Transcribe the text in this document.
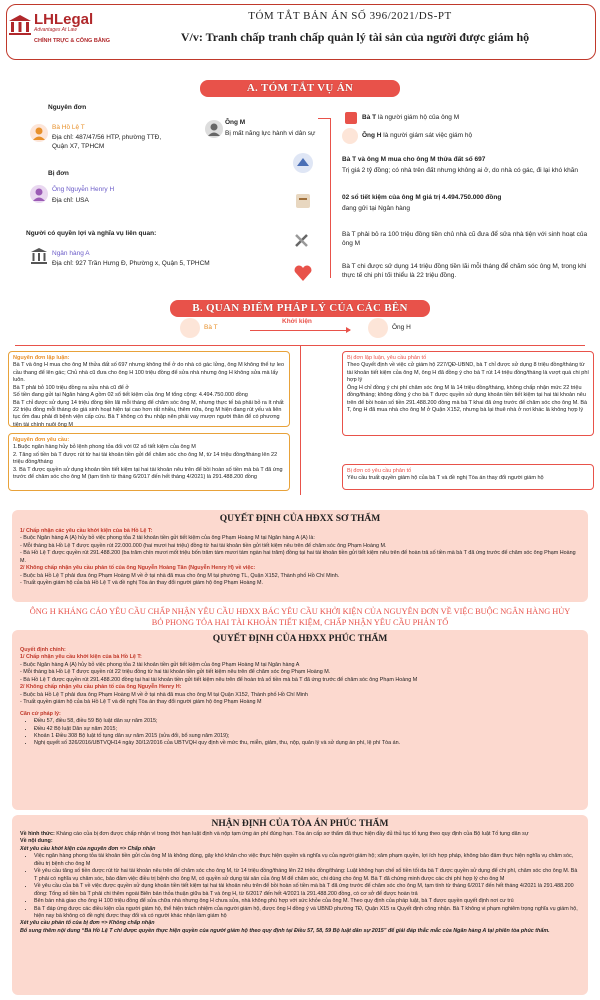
LHLegal
Advantages At Law
CHÍNH TRỰC & CÔNG BẰNG
TÓM TẮT BẢN ÁN SỐ 396/2021/DS-PT
V/v: Tranh chấp tranh chấp quản lý tài sản của người được giám hộ
A. TÓM TẮT VỤ ÁN
Nguyên đơn
Bà Hồ Lệ T
Địa chỉ: 487/47/56 HTP, phường TTĐ, Quận X7, TPHCM
Bị đơn
Ông Nguyễn Henry H
Địa chỉ: USA
Người có quyền lợi và nghĩa vụ liên quan:
Ngân hàng A
Địa chỉ: 927 Trần Hưng Đ, Phường x, Quận 5, TPHCM
Ông M
Bị mất năng lực hành vi dân sự
Bà T là người giám hộ của ông M
Ông H là người giám sát việc giám hộ
Bà T và ông M mua cho ông M thửa đất số 697
Trị giá 2 tỷ đồng; có nhà trên đất nhưng không ai ở, do nhà có gác, đi lại khó khăn
02 sổ tiết kiệm của ông M giá trị 4.494.750.000 đồng
đang gửi tại Ngân hàng
Bà T phải bỏ ra 100 triệu đồng tiền chủ nhà cũ đưa để sửa nhà tiện với sinh hoạt của ông M
Bà T chi được sử dụng 14 triệu đồng tiền lãi mỗi tháng để chăm sóc ông M, trong khi thực tế chi phí tối thiểu là 22 triệu đồng.
B. QUAN ĐIỂM PHÁP LÝ CỦA CÁC BÊN
Bà T
Khởi kiện
Ông H
Nguyên đơn lập luận:
Bà T và ông H mua cho ông M thửa đất số 697 nhưng không thể ở do nhà có gác lửng, ông M không thể tự leo cầu thang để lên gác; Chủ nhà cũ đưa cho ông H 100 triệu đồng để sửa nhà nhưng ông H không sửa mà lấy luôn.
Bà T phải bỏ 100 triệu đồng ra sửa nhà cũ để ở
Số tiền đang gửi tại Ngân hàng A gồm 02 sổ tiết kiệm của ông M tổng cộng: 4.494.750.000 đồng
Bà T chỉ được sử dụng 14 triệu đồng tiền lãi mỗi tháng để chăm sóc ông M, nhưng thực tế bà phải bỏ ra ít nhất 22 triệu đồng mỗi tháng do giá sinh hoạt hiện tại cao hơn rất nhiều, thêm nữa, ông M hiện đang rút yếu và liên tục ốm đau phải đi bệnh viện cấp cứu. Bà T không có thu nhập nên phải vay mượn người thân để có phương tiện tài chính nuôi ông M
Nguyên đơn yêu cầu:
1.Buộc ngân hàng hủy bỏ lệnh phong tỏa đối với 02 sổ tiết kiệm của ông M
2. Tăng số tiền bà T được rút từ hai tài khoản tiền gửi để chăm sóc cho ông M, từ 14 triệu đồng/tháng lên 22 triệu đồng/tháng
3. Bà T được quyền sử dụng khoản tiền tiết kiệm tại hai tài khoản nêu trên để bồi hoàn số tiền mà bà T đã ứng trước để chăm sóc cho ông M (tạm tính từ tháng 6/2017 đến hết tháng 4/2021) là 291.488.200 đồng
Bị đơn lập luận, yêu cầu phản tố
Theo Quyết định về việc cử giám hộ 227/QĐ-UBND, bà T chỉ được sử dụng 8 triệu đồng/tháng từ tài khoản tiết kiệm của ông M, ông H đã đồng ý cho bà T rút 14 triệu đồng/tháng là vượt quá chi phí hợp lý
Ông H chỉ đồng ý chi phí chăm sóc ông M là 14 triệu đồng/tháng, không chấp nhận mức 22 triệu đồng/tháng; không đồng ý cho bà T được quyền sử dụng khoản tiền tiết kiệm tại hai tài khoản nêu trên để bồi hoàn số tiền 291.488.200 đồng mà bà T khai đã ứng trước để chăm sóc cho ông M. Bà T, ông H đã mua nhà cho ông M ở Quận X152, nhưng bà lại thuê nhà ở nơi khác là không hợp lý
Bị đơn có yêu cầu phản tố
Yêu cầu truất quyền giám hộ của bà T và đề nghị Tòa án thay đổi người giám hộ
QUYẾT ĐỊNH CỦA HĐXX SƠ THẨM
1/ Chấp nhận các yêu cầu khởi kiện của bà Hồ Lệ T:
- Buộc Ngân hàng A (A) hủy bỏ việc phong tỏa 2 tài khoản tiền gửi tiết kiệm của ông Phạm Hoàng M tại Ngân hàng A (A) là:
- Mỗi tháng bà Hồ Lệ T được quyền rút 22.000.000 (hai mươi hai triệu) đồng từ hai tài khoản tiền gửi tiết kiệm nêu trên để chăm sóc ông Phạm Hoàng M.
- Bà Hồ Lệ T được quyền rút 291.488.200 (ba trăm chín mươi mốt triệu bốn trăm tám mươi tám ngàn hai trăm) đồng tại hai tài khoản tiền gửi tiết kiệm nêu trên để hoàn trả số tiền mà bà T đã ứng trước để chăm sóc ông Phạm Hoàng M.
2/ Không chấp nhận yêu cầu phản tố của ông Nguyễn Hoàng Tân (Nguyễn Henry H) về việc:
- Buộc bà Hồ Lệ T phải đưa ông Phạm Hoàng M về ở tại nhà đã mua cho ông M tại phường TL, Quận X152, Thành phố Hồ Chí Minh.
- Truất quyền giám hộ của bà Hồ Lệ T và đề nghị Tòa án thay đổi người giám hộ ông Phạm Hoàng M.
ÔNG H KHÁNG CÁO YÊU CẦU CHẤP NHẬN YÊU CẦU HĐXX BÁC YÊU CẦU KHỞI KIỆN CỦA NGUYÊN ĐƠN VỀ VIỆC BUỘC NGÂN HÀNG HỦY BỎ PHONG TỎA HAI TÀI KHOẢN TIẾT KIỆM, CHẤP NHẬN YÊU CẦU PHẢN TỐ
QUYẾT ĐỊNH CỦA HĐXX PHÚC THẨM
Quyết định chính:
1/ Chấp nhận yêu cầu khởi kiện của bà Hồ Lệ T:
- Buộc Ngân hàng A (A) hủy bỏ việc phong tỏa 2 tài khoản tiền gửi tiết kiệm của ông Phạm Hoàng M tại Ngân hàng A
- Mỗi tháng bà Hồ Lệ T được quyền rút 22 triệu đồng từ hai tài khoản tiền gửi tiết kiệm nêu trên để chăm sóc ông Phạm Hoàng M.
- Bà Hồ Lệ T được quyền rút 291.488.200 đồng tại hai tài khoản tiền gửi tiết kiệm nêu trên để hoàn trả số tiền mà bà T đã ứng trước để chăm sóc ông Phạm Hoàng M
2/ Không chấp nhận yêu cầu phản tố của ông Nguyễn Henry H:
- Buộc bà Hồ Lệ T phải đưa ông Phạm Hoàng M về ở tại nhà đã mua cho ông M tại Quận X152, Thành phố Hồ Chí Minh
- Truất quyền giám hộ của bà Hồ Lệ T và đề nghị Tòa án thay đổi người giám hộ ông Phạm Hoàng M
Căn cứ pháp lý:
• Điều 57, điều 58, điều 59 Bộ luật dân sự năm 2015;
• Điều 42 Bộ luật Dân sự năm 2015;
• Khoản 1 Điều 308 Bộ luật tố tụng dân sự năm 2015 (sửa đổi, bổ sung năm 2019);
• Nghị quyết số 326/2016/UBTVQH14 ngày 30/12/2016 của UBTVQH quy định về mức thu, miễn, giảm, thu, nộp, quản lý và sử dụng án phí, lệ phí Tòa án.
NHẬN ĐỊNH CỦA TÒA ÁN PHÚC THẨM
Về hình thức: Kháng cáo của bị đơn được chấp nhận vì trong thời hạn luật định và nộp tạm ứng án phí đúng hạn. Tòa án cấp sơ thẩm đã thực hiện đầy đủ thủ tục tố tụng theo quy định của Bộ luật Tố tụng dân sự
Về nội dung:
Xét yêu cầu khởi kiện của nguyên đơn => Chấp nhận
• Việc ngân hàng phong tỏa tài khoản tiền gửi của ông M là không đúng, gây khó khăn cho việc thực hiện quyền và nghĩa vụ của người giám hộ; xâm phạm quyền, lợi ích hợp pháp, không bảo đảm thực hiện nghĩa vụ chăm sóc, điều trị bệnh cho ông M
• Về yêu cầu tăng số tiền được rút từ hai tài khoản nêu trên để chăm sóc cho ông M, từ 14 triệu đồng/tháng lên 22 triệu đồng/tháng: Luật không hạn chế số tiền tối đa bà T được quyền sử dụng để chi phí, chăm sóc cho ông M. Bà T phải có nghĩa vụ chăm sóc, bảo đảm việc điều trị bệnh cho ông M, có quyền sử dụng tài sản của ông M để chăm sóc, chi dùng cho ông M. Bà T đã chứng minh được các chi phí hợp lý cho ông M
• Về yêu cầu của bà T về việc được quyền sử dụng khoản tiền tiết kiệm tại hai tài khoản nêu trên để bồi hoàn số tiền mà bà T đã ứng trước để chăm sóc cho ông M, tạm tính từ tháng 6/2017 đến hết tháng 4/2021 là 291.488.200 đồng: Tổng số tiền bà T phải chi thêm ngoài Biên bản thỏa thuận giữa bà T và ông H, từ 6/2017 đến hết 4/2021 là 291.488.200 đồng, có cơ sở để được hoàn trả
• Bên bán nhà giao cho ông H 100 triệu đồng để sửa chữa nhà nhưng ông H chưa sửa, nhà không phù hợp với sức khỏe của ông M. Theo quy định của pháp luật, bà T được quyền quyết định nơi cư trú
• Bà T đáp ứng được các điều kiện của người giám hộ, thể hiện trách nhiệm của người giám hộ, được ông H đồng ý và UBND phường TĐ, Quận X15 ra Quyết định công nhận. Bà T không vi phạm nghiêm trọng nghĩa vụ giám hộ, hiện nay bà không có đề nghị được thay đổi và có người khác nhận làm giám hộ
Xét yêu cầu phản tố của bị đơn => Không chấp nhận
Bổ sung thêm nội dung “Bà Hồ Lệ T chỉ được quyền thực hiện quyền của người giám hộ theo quy định tại Điều 57, 58, 59 Bộ luật dân sự 2015” để giải đáp thắc mắc của Ngân hàng A tại phiên tòa phúc thẩm.
